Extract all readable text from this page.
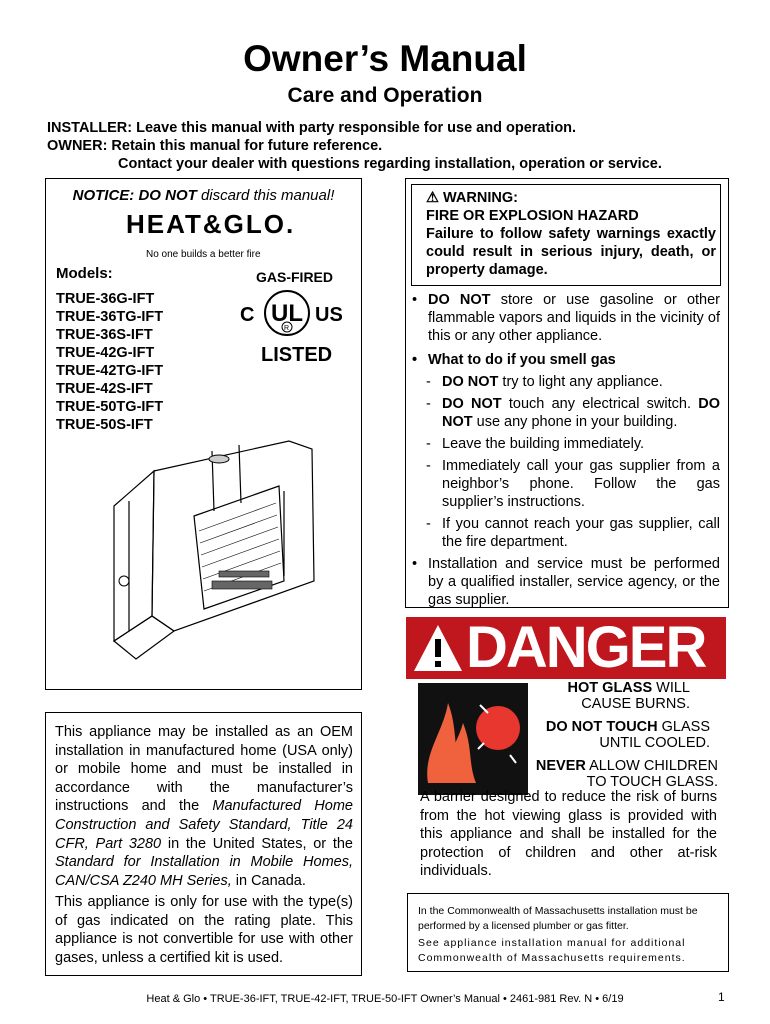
Owner’s Manual
Care and Operation
INSTALLER: Leave this manual with party responsible for use and operation.
OWNER: Retain this manual for future reference.
Contact your dealer with questions regarding installation, operation or service.
NOTICE: DO NOT discard this manual!
HEAT&GLO.
No one builds a better fire
Models:	GAS-FIRED
C UL US
R
LISTED
TRUE-36G-IFT
TRUE-36TG-IFT
TRUE-36S-IFT
TRUE-42G-IFT
TRUE-42TG-IFT
TRUE-42S-IFT
TRUE-50TG-IFT
TRUE-50S-IFT

This appliance may be installed as an OEM installation in manufactured home (USA only) or mobile home and must be installed in accordance with the manufacturer’s instructions and the Manufactured Home Construction and Safety Standard, Title 24 CFR, Part 3280 in the United States, or the Standard for Installation in Mobile Homes, CAN/CSA Z240 MH Series, in Canada.

This appliance is only for use with the type(s) of gas indicated on the rating plate. This appliance is not convertible for use with other gases, unless a certified kit is used.

⚠ WARNING:
FIRE OR EXPLOSION HAZARD
Failure to follow safety warnings exactly could result in serious injury, death, or property damage.
• DO NOT store or use gasoline or other flammable vapors and liquids in the vicinity of this or any other appliance.
• What to do if you smell gas
- DO NOT try to light any appliance.
- DO NOT touch any electrical switch. DO NOT use any phone in your building.
- Leave the building immediately.
- Immediately call your gas supplier from a neighbor’s phone. Follow the gas supplier’s instructions.
- If you cannot reach your gas supplier, call the fire department.
• Installation and service must be performed by a qualified installer, service agency, or the gas supplier.
DANGER
HOT GLASS WILL
CAUSE BURNS.
DO NOT TOUCH GLASS
UNTIL COOLED.
NEVER ALLOW CHILDREN
TO TOUCH GLASS.
A barrier designed to reduce the risk of burns from the hot viewing glass is provided with this appliance and shall be installed for the protection of children and other at-risk individuals.
In the Commonwealth of Massachusetts installation must be performed by a licensed plumber or gas fitter.
See appliance installation manual for additional Commonwealth of Massachusetts requirements.
Heat & Glo • TRUE-36-IFT, TRUE-42-IFT, TRUE-50-IFT Owner’s Manual • 2461-981 Rev. N • 6/19	1
